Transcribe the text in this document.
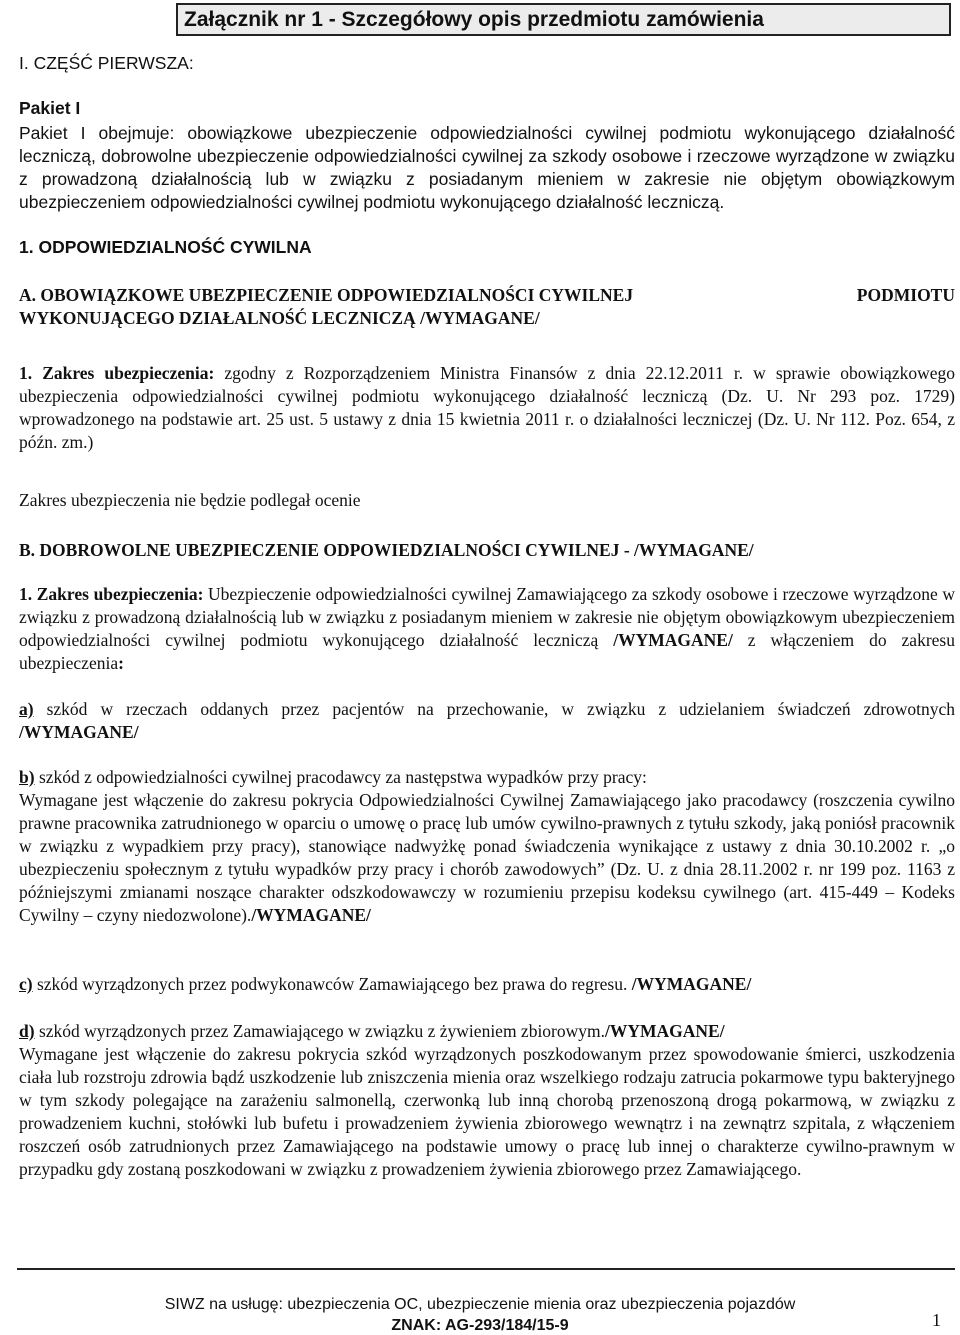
Załącznik nr 1 - Szczegółowy opis przedmiotu zamówienia
I. CZĘŚĆ PIERWSZA:
Pakiet I

Pakiet I obejmuje: obowiązkowe ubezpieczenie odpowiedzialności cywilnej podmiotu wykonującego działalność leczniczą, dobrowolne ubezpieczenie odpowiedzialności cywilnej za szkody osobowe i rzeczowe wyrządzone w związku z prowadzoną działalnością lub w związku z posiadanym mieniem w zakresie nie objętym obowiązkowym ubezpieczeniem odpowiedzialności cywilnej podmiotu wykonującego działalność leczniczą.

1. ODPOWIEDZIALNOŚĆ CYWILNA
A. OBOWIĄZKOWE UBEZPIECZENIE ODPOWIEDZIALNOŚCI CYWILNEJ	PODMIOTU
WYKONUJĄCEGO DZIAŁALNOŚĆ LECZNICZĄ /WYMAGANE/

1. Zakres ubezpieczenia: zgodny z Rozporządzeniem Ministra Finansów z dnia 22.12.2011 r. w sprawie obowiązkowego ubezpieczenia odpowiedzialności cywilnej podmiotu wykonującego działalność leczniczą (Dz. U. Nr 293 poz. 1729) wprowadzonego na podstawie art. 25 ust. 5 ustawy z dnia 15 kwietnia 2011 r. o działalności leczniczej (Dz. U. Nr 112. Poz. 654, z późn. zm.)

Zakres ubezpieczenia nie będzie podlegał ocenie

B. DOBROWOLNE UBEZPIECZENIE ODPOWIEDZIALNOŚCI CYWILNEJ - /WYMAGANE/

1. Zakres ubezpieczenia: Ubezpieczenie odpowiedzialności cywilnej Zamawiającego za szkody osobowe i rzeczowe wyrządzone w związku z prowadzoną działalnością lub w związku z posiadanym mieniem w zakresie nie objętym obowiązkowym ubezpieczeniem odpowiedzialności cywilnej podmiotu wykonującego działalność leczniczą /WYMAGANE/ z włączeniem do zakresu ubezpieczenia:

a) szkód w rzeczach oddanych przez pacjentów na przechowanie, w związku z udzielaniem świadczeń zdrowotnych /WYMAGANE/

b) szkód z odpowiedzialności cywilnej pracodawcy za następstwa wypadków przy pracy:

Wymagane jest włączenie do zakresu pokrycia Odpowiedzialności Cywilnej Zamawiającego jako pracodawcy (roszczenia cywilno prawne pracownika zatrudnionego w oparciu o umowę o pracę lub umów cywilno-prawnych z tytułu szkody, jaką poniósł pracownik w związku z wypadkiem przy pracy), stanowiące nadwyżkę ponad świadczenia wynikające z ustawy z dnia 30.10.2002 r. „o ubezpieczeniu społecznym z tytułu wypadków przy pracy i chorób zawodowych” (Dz. U. z dnia 28.11.2002 r. nr 199 poz. 1163 z późniejszymi zmianami noszące charakter odszkodowawczy w rozumieniu przepisu kodeksu cywilnego (art. 415-449 – Kodeks Cywilny – czyny niedozwolone)./WYMAGANE/

c) szkód wyrządzonych przez podwykonawców Zamawiającego bez prawa do regresu. /WYMAGANE/

d) szkód wyrządzonych przez Zamawiającego w związku z żywieniem zbiorowym./WYMAGANE/

Wymagane jest włączenie do zakresu pokrycia szkód wyrządzonych poszkodowanym przez spowodowanie śmierci, uszkodzenia ciała lub rozstroju zdrowia bądź uszkodzenie lub zniszczenia mienia oraz wszelkiego rodzaju zatrucia pokarmowe typu bakteryjnego w tym szkody polegające na zarażeniu salmonellą, czerwonką lub inną chorobą przenoszoną drogą pokarmową, w związku z prowadzeniem kuchni, stołówki lub bufetu i prowadzeniem żywienia zbiorowego wewnątrz i na zewnątrz szpitala, z włączeniem roszczeń osób zatrudnionych przez Zamawiającego na podstawie umowy o pracę lub innej o charakterze cywilno-prawnym w przypadku gdy zostaną poszkodowani w związku z prowadzeniem żywienia zbiorowego przez Zamawiającego.

SIWZ na usługę: ubezpieczenia OC, ubezpieczenie mienia oraz ubezpieczenia pojazdów
ZNAK: AG-293/184/15-9	1
